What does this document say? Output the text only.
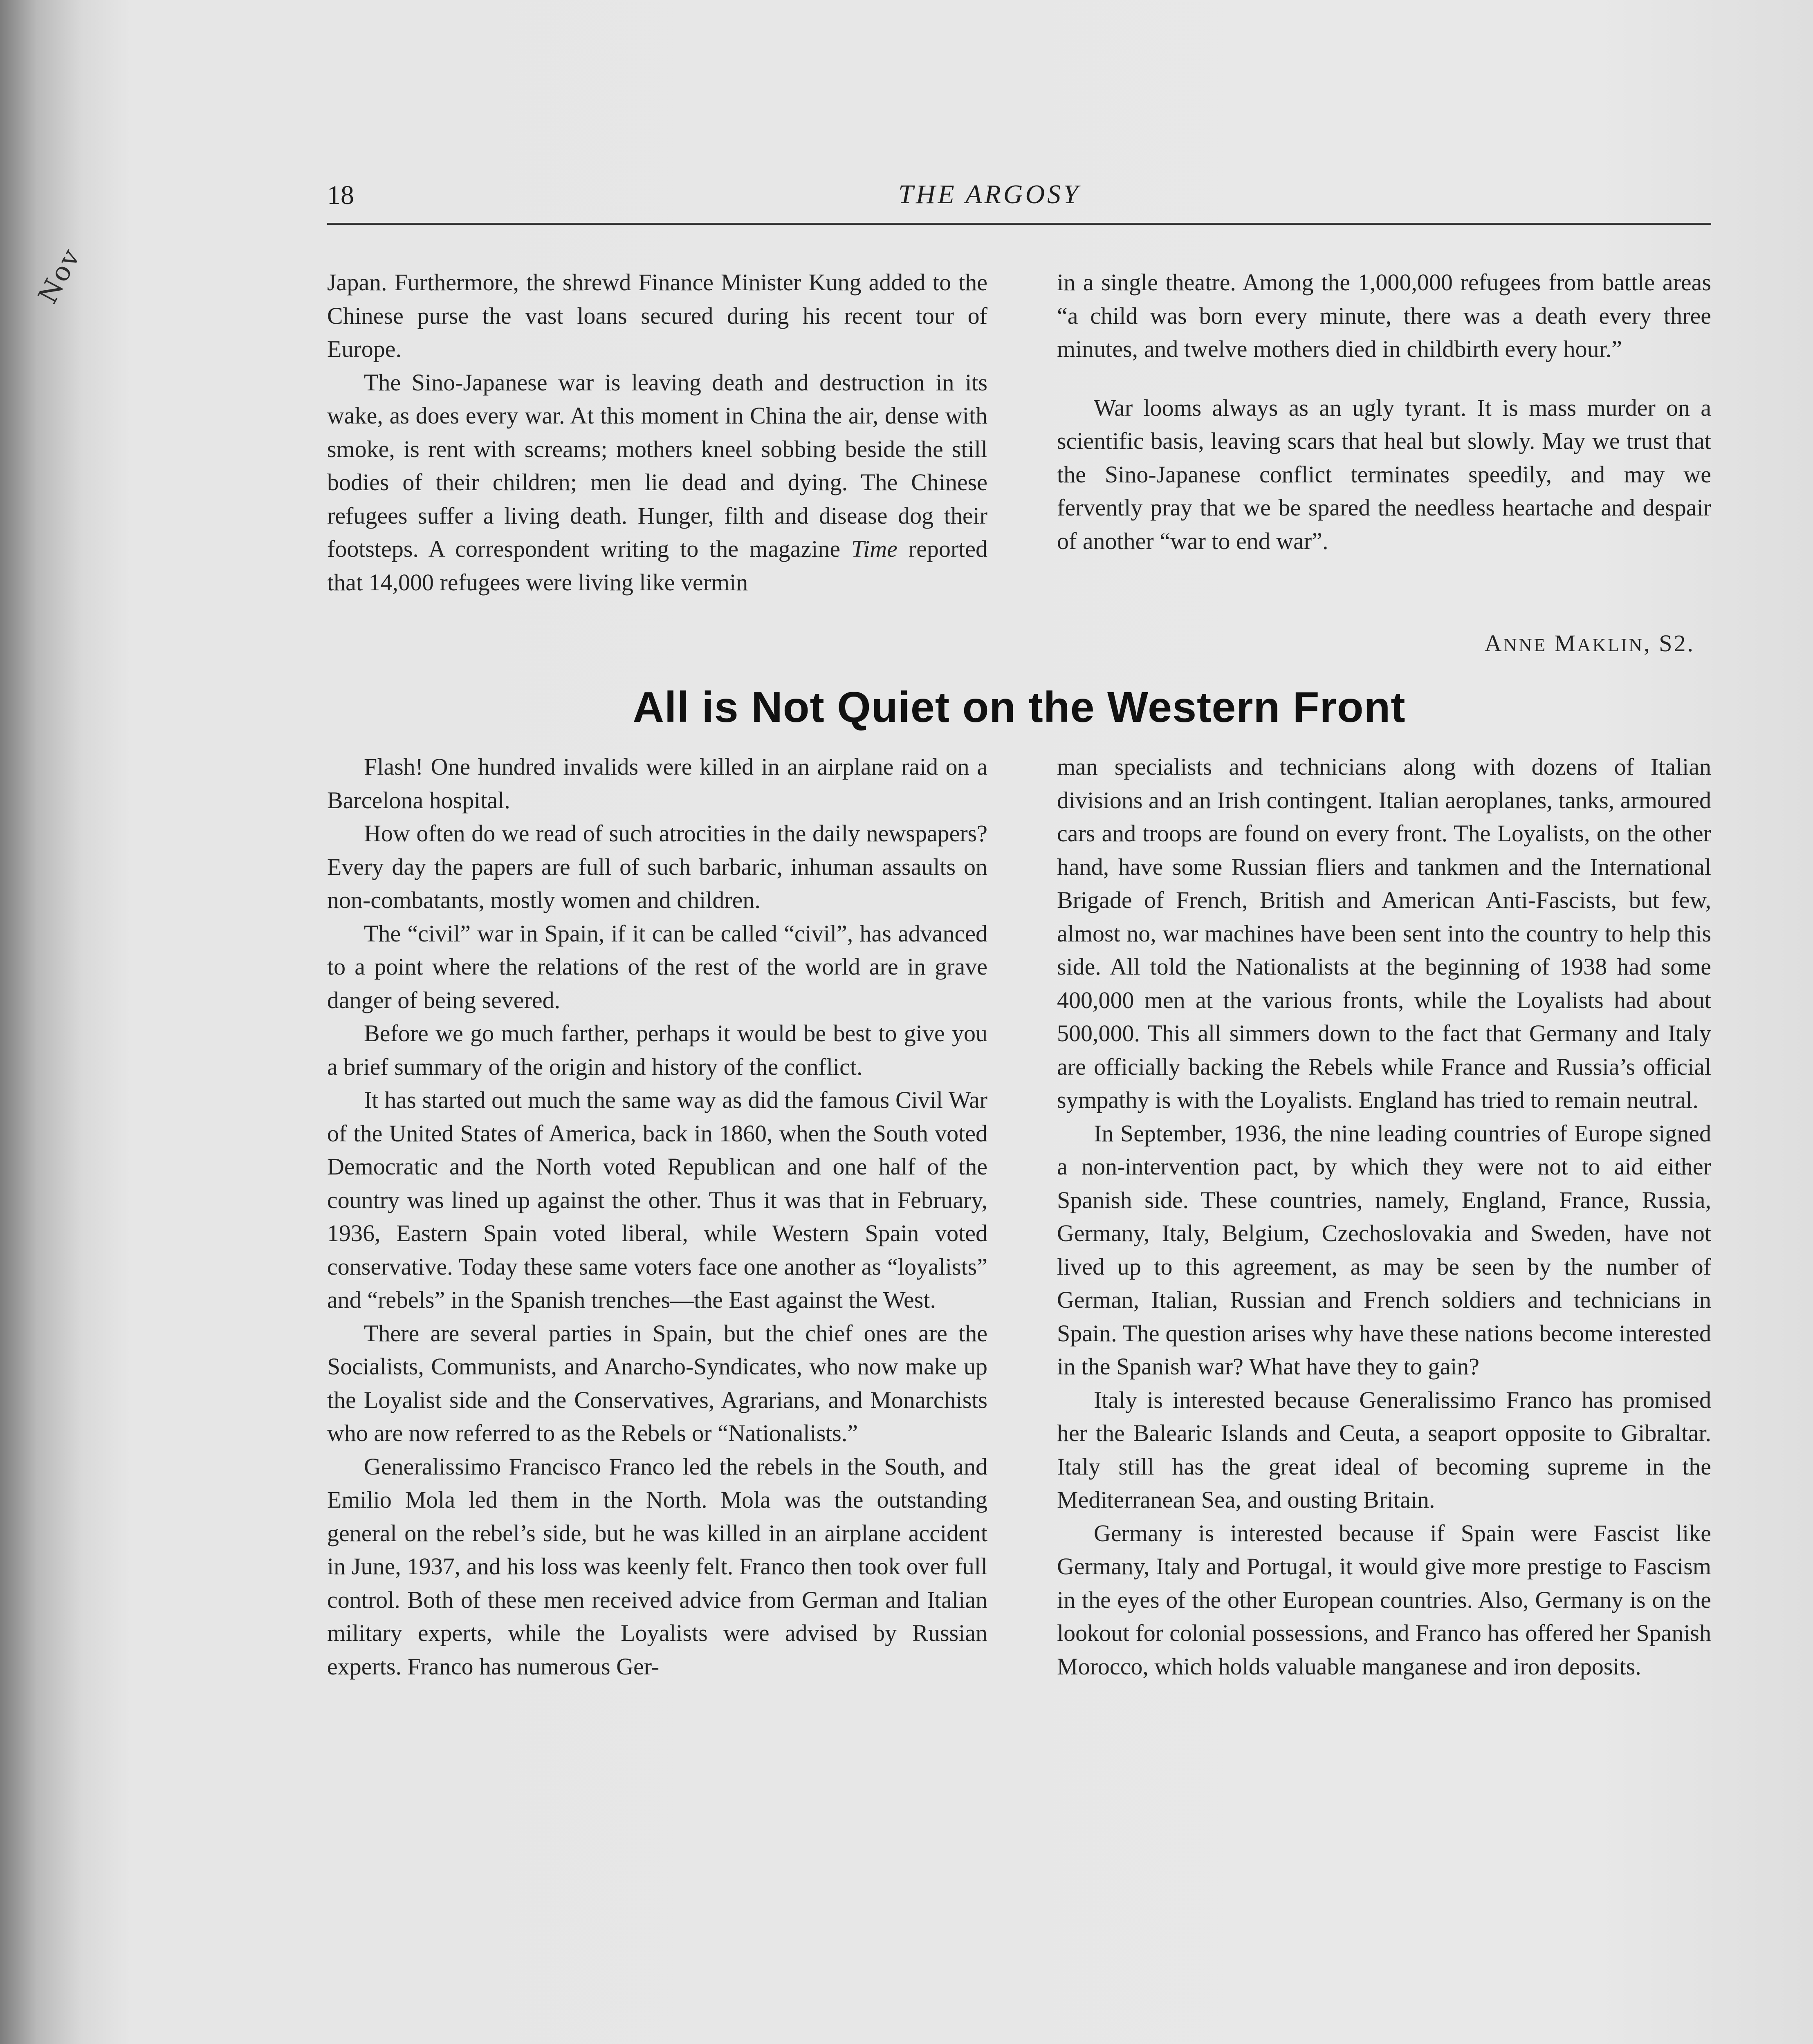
Nov
18	THE ARGOSY

Japan. Furthermore, the shrewd Finance Minister Kung added to the Chinese purse the vast loans secured during his recent tour of Europe.

The Sino-Japanese war is leaving death and destruction in its wake, as does every war. At this moment in China the air, dense with smoke, is rent with screams; mothers kneel sobbing beside the still bodies of their children; men lie dead and dying. The Chinese refugees suffer a living death. Hunger, filth and disease dog their footsteps. A correspondent writing to the magazine Time reported that 14,000 refugees were living like vermin

in a single theatre. Among the 1,000,000 refugees from battle areas “a child was born every minute, there was a death every three minutes, and twelve mothers died in childbirth every hour.”

War looms always as an ugly tyrant. It is mass murder on a scientific basis, leaving scars that heal but slowly. May we trust that the Sino-Japanese conflict terminates speedily, and may we fervently pray that we be spared the needless heartache and despair of another “war to end war”.

ANNE MAKLIN, S2.
All is Not Quiet on the Western Front

Flash! One hundred invalids were killed in an airplane raid on a Barcelona hospital.

How often do we read of such atrocities in the daily newspapers? Every day the papers are full of such barbaric, inhuman assaults on non-combatants, mostly women and children.

The “civil” war in Spain, if it can be called “civil”, has advanced to a point where the relations of the rest of the world are in grave danger of being severed.

Before we go much farther, perhaps it would be best to give you a brief summary of the origin and history of the conflict.

It has started out much the same way as did the famous Civil War of the United States of America, back in 1860, when the South voted Democratic and the North voted Republican and one half of the country was lined up against the other. Thus it was that in February, 1936, Eastern Spain voted liberal, while Western Spain voted conservative. Today these same voters face one another as “loyalists” and “rebels” in the Spanish trenches—the East against the West.

There are several parties in Spain, but the chief ones are the Socialists, Communists, and Anarcho-Syndicates, who now make up the Loyalist side and the Conservatives, Agrarians, and Monarchists who are now referred to as the Rebels or “Nationalists.”

Generalissimo Francisco Franco led the rebels in the South, and Emilio Mola led them in the North. Mola was the outstanding general on the rebel’s side, but he was killed in an airplane accident in June, 1937, and his loss was keenly felt. Franco then took over full control. Both of these men received advice from German and Italian military experts, while the Loyalists were advised by Russian experts. Franco has numerous Ger-

man specialists and technicians along with dozens of Italian divisions and an Irish contingent. Italian aeroplanes, tanks, armoured cars and troops are found on every front. The Loyalists, on the other hand, have some Russian fliers and tankmen and the International Brigade of French, British and American Anti-Fascists, but few, almost no, war machines have been sent into the country to help this side. All told the Nationalists at the beginning of 1938 had some 400,000 men at the various fronts, while the Loyalists had about 500,000. This all simmers down to the fact that Germany and Italy are officially backing the Rebels while France and Russia’s official sympathy is with the Loyalists. England has tried to remain neutral.

In September, 1936, the nine leading countries of Europe signed a non-intervention pact, by which they were not to aid either Spanish side. These countries, namely, England, France, Russia, Germany, Italy, Belgium, Czechoslovakia and Sweden, have not lived up to this agreement, as may be seen by the number of German, Italian, Russian and French soldiers and technicians in Spain. The question arises why have these nations become interested in the Spanish war? What have they to gain?

Italy is interested because Generalissimo Franco has promised her the Balearic Islands and Ceuta, a seaport opposite to Gibraltar. Italy still has the great ideal of becoming supreme in the Mediterranean Sea, and ousting Britain.

Germany is interested because if Spain were Fascist like Germany, Italy and Portugal, it would give more prestige to Fascism in the eyes of the other European countries. Also, Germany is on the lookout for colonial possessions, and Franco has offered her Spanish Morocco, which holds valuable manganese and iron deposits.
